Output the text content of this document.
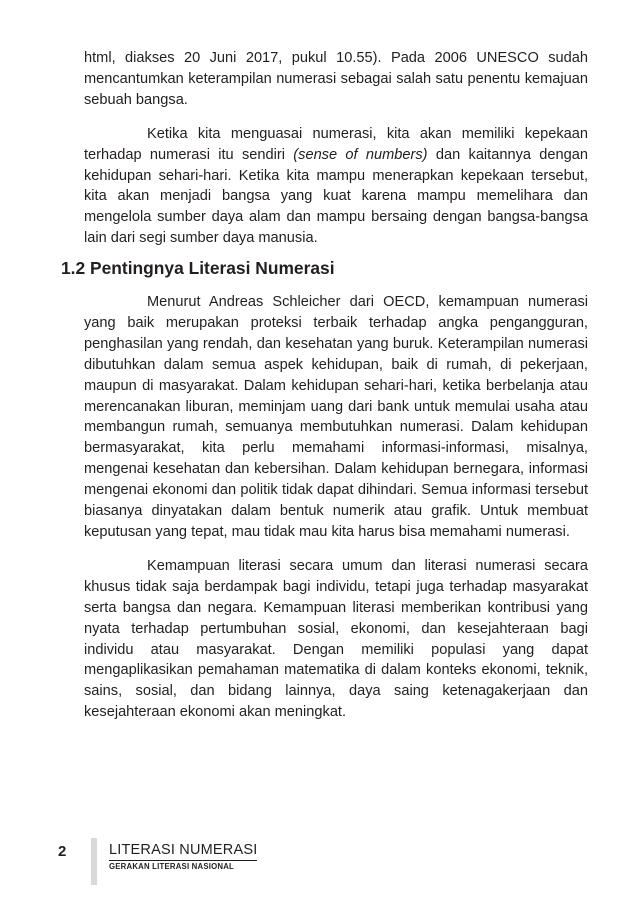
html, diakses 20 Juni 2017, pukul 10.55). Pada 2006 UNESCO sudah mencantumkan keterampilan numerasi sebagai salah satu penentu kemajuan sebuah bangsa.

Ketika kita menguasai numerasi, kita akan memiliki kepekaan terhadap numerasi itu sendiri (sense of numbers) dan kaitannya dengan kehidupan sehari-hari. Ketika kita mampu menerapkan kepekaan tersebut, kita akan menjadi bangsa yang kuat karena mampu memelihara dan mengelola sumber daya alam dan mampu bersaing dengan bangsa-bangsa lain dari segi sumber daya manusia.

1.2 Pentingnya Literasi Numerasi

Menurut Andreas Schleicher dari OECD, kemampuan numerasi yang baik merupakan proteksi terbaik terhadap angka pengangguran, penghasilan yang rendah, dan kesehatan yang buruk. Keterampilan numerasi dibutuhkan dalam semua aspek kehidupan, baik di rumah, di pekerjaan, maupun di masyarakat. Dalam kehidupan sehari-hari, ketika berbelanja atau merencanakan liburan, meminjam uang dari bank untuk memulai usaha atau membangun rumah, semuanya membutuhkan numerasi. Dalam kehidupan bermasyarakat, kita perlu memahami informasi-informasi, misalnya, mengenai kesehatan dan kebersihan. Dalam kehidupan bernegara, informasi mengenai ekonomi dan politik tidak dapat dihindari. Semua informasi tersebut biasanya dinyatakan dalam bentuk numerik atau grafik. Untuk membuat keputusan yang tepat, mau tidak mau kita harus bisa memahami numerasi.

Kemampuan literasi secara umum dan literasi numerasi secara khusus tidak saja berdampak bagi individu, tetapi juga terhadap masyarakat serta bangsa dan negara. Kemampuan literasi memberikan kontribusi yang nyata terhadap pertumbuhan sosial, ekonomi, dan kesejahteraan bagi individu atau masyarakat. Dengan memiliki populasi yang dapat mengaplikasikan pemahaman matematika di dalam konteks ekonomi, teknik, sains, sosial, dan bidang lainnya, daya saing ketenagakerjaan dan kesejahteraan ekonomi akan meningkat.

2	LITERASI NUMERASI
GERAKAN LITERASI NASIONAL
